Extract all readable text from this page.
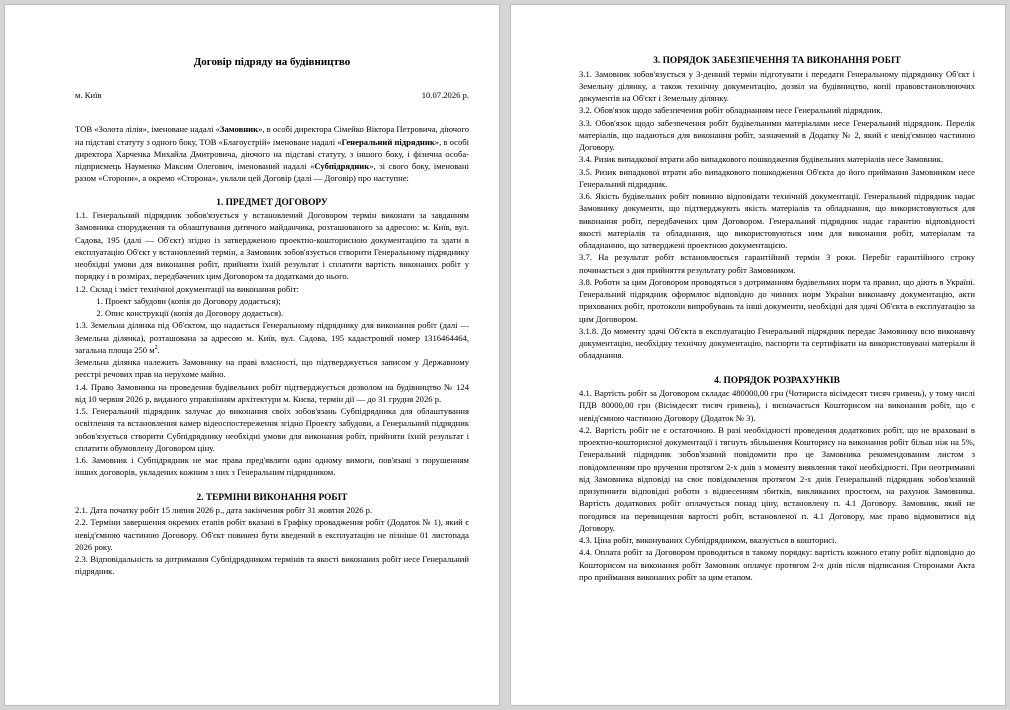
Договір підряду на будівництво
м. Київ	10.07.2026 р.

ТОВ «Золота лілія», іменоване надалі «Замовник», в особі директора Сімейко Віктора Петровича, діючого на підставі статуту з одного боку, ТОВ «Благоустрій» іменоване надалі «Генеральний підрядник», в особі директора Харченка Михайла Дмитровича, діючого на підставі статуту, з іншого боку, і фізична особа-підприємець Науменко Максим Олегович, іменований надалі «Субпідрядник», зі свого боку, іменовані разом «Сторони», а окремо «Сторона», уклали цей Договір (далі — Договір) про наступне:

1. ПРЕДМЕТ ДОГОВОРУ

1.1. Генеральний підрядник зобов'язується у встановлений Договором термін виконати за завданням Замовника спорудження та облаштування дитячого майданчика, розташованого за адресою: м. Київ, вул. Садова, 195 (далі — Об'єкт) згідно із затвердженою проектно-кошторисною документацією та здати в експлуатацію Об'єкт у встановлений термін, а Замовник зобов'язується створити Генеральному підряднику необхідні умови для виконання робіт, прийняти їхній результат і сплатити вартість виконаних робіт у порядку і в розмірах, передбачених цим Договором та додатками до нього.

1.2. Склад і зміст технічної документації на виконання робіт:

1. Проект забудови (копія до Договору додається);
2. Опис конструкції (копія до Договору додається).

1.3. Земельна ділянка під Об'єктом, що надається Генеральному підряднику для виконання робіт (далі — Земельна ділянка), розташована за адресою м. Київ, вул. Садова, 195 кадастровий номер 1316464464, загальна площа 250 $м^2$.

Земельна ділянка належить Замовнику на праві власності, що підтверджується записом у Державному реєстрі речових прав на нерухоме майно.

1.4. Право Замовника на проведення будівельних робіт підтверджується дозволом на будівництво № 124 від 10 червня 2026 р, виданого управлінням архітектури м. Києва, термін дії — до 31 грудня 2026 р.

1.5. Генеральний підрядник залучає до виконання своїх зобов'язань Субпідрядника для облаштування освітлення та встановлення камер відеоспостереження згідно Проекту забудови, а Генеральний підрядник зобов'язується створити Субпідряднику необхідні умови для виконання робіт, прийняти їхній результат і сплатити обумовлену Договором ціну.

1.6. Замовник і Субпідрядник не має права пред'являти один одному вимоги, пов'язані з порушенням інших договорів, укладених кожним з них з Генеральним підрядником.

2. ТЕРМІНИ ВИКОНАННЯ РОБІТ

2.1. Дата початку робіт 15 липня 2026 р., дата закінчення робіт 31 жовтня 2026 р.

2.2. Терміни завершення окремих етапів робіт вказані в Графіку провадження робіт (Додаток № 1), який є невід'ємною частиною Договору. Об'єкт повинен бути введений в експлуатацію не пізніше 01 листопада 2026 року.

2.3. Відповідальність за дотримання Субпідрядником термінів та якості виконаних робіт несе Генеральний підрядник.

3. ПОРЯДОК ЗАБЕЗПЕЧЕННЯ ТА ВИКОНАННЯ РОБІТ

3.1. Замовник зобов'язується у 3-денний термін підготувати і передати Генеральному підряднику Об'єкт і Земельну ділянку, а також технічну документацію, дозвіл на будівництво, копії правовстановлюючих документів на Об'єкт і Земельну ділянку.

3.2. Обов'язок щодо забезпечення робіт обладнанням несе Генеральний підрядник.

3.3. Обов'язок щодо забезпечення робіт будівельними матеріалами несе Генеральний підрядник. Перелік матеріалів, що надаються для виконання робіт, зазначений в Додатку № 2, який є невід'ємною частиною Договору.

3.4. Ризик випадкової втрати або випадкового пошкодження будівельних матеріалів несе Замовник.

3.5. Ризик випадкової втрати або випадкового пошкодження Об'єкта до його приймання Замовником несе Генеральний підрядник.

3.6. Якість будівельних робіт повинно відповідати технічній документації. Генеральний підрядник надає Замовнику документи, що підтверджують якість матеріалів та обладнання, що використовуються для виконання робіт, передбачених цим Договором. Генеральний підрядник надає гарантію відповідності якості матеріалів та обладнання, що використовуються ним для виконання робіт, матеріалам та обладнанню, що затверджені проектною документацією.

3.7. На результат робіт встановлюється гарантійний термін 3 роки. Перебіг гарантійного строку починається з дня прийняття результату робіт Замовником.

3.8. Роботи за цим Договором проводяться з дотриманням будівельних норм та правил, що діють в Україні. Генеральний підрядник оформлює відповідно до чинних норм України виконавчу документацію, акти прихованих робіт, протоколи випробувань та інші документи, необхідні для здачі Об'єкта в експлуатацію за цим Договором.

3.1.8. До моменту здачі Об'єкта в експлуатацію Генеральний підрядник передає Замовнику всю виконавчу документацію, необхідну технічну документацію, паспорти та сертифікати на використовувані матеріали й обладнання.

4. ПОРЯДОК РОЗРАХУНКІВ

4.1. Вартість робіт за Договором складає 480000,00 грн (Чотириста вісімдесят тисяч гривень), у тому числі ПДВ 80000,00 грн (Вісімдесят тисяч гривень), і визначається Кошторисом на виконання робіт, що є невід'ємною частиною Договору (Додаток № 3).

4.2. Вартість робіт не є остаточною. В разі необхідності проведення додаткових робіт, що не враховані в проектно-кошторисної документації і тягнуть збільшення Кошторису на виконання робіт більш ніж на 5%, Генеральний підрядник зобов'язаний повідомити про це Замовника рекомендованим листом з повідомленням про вручення протягом 2-х днів з моменту виявлення такої необхідності. При неотриманні від Замовника відповіді на своє повідомлення протягом 2-х днів Генеральний підрядник зобов'язаний призупинити відповідні роботи з віднесенням збитків, викликаних простоєм, на рахунок Замовника. Вартість додаткових робіт оплачується понад ціну, встановлену п. 4.1 Договору. Замовник, який не погодився на перевищення вартості робіт, встановленої п. 4.1 Договору, має право відмовитися від Договору.

4.3. Ціна робіт, виконуваних Субпідрядником, вказується в кошторисі.

4.4. Оплата робіт за Договором проводиться в такому порядку: вартість кожного етапу робіт відповідно до Кошторисом на виконання робіт Замовник оплачує протягом 2-х днів після підписання Сторонами Акта про приймання виконаних робіт за цим етапом.
